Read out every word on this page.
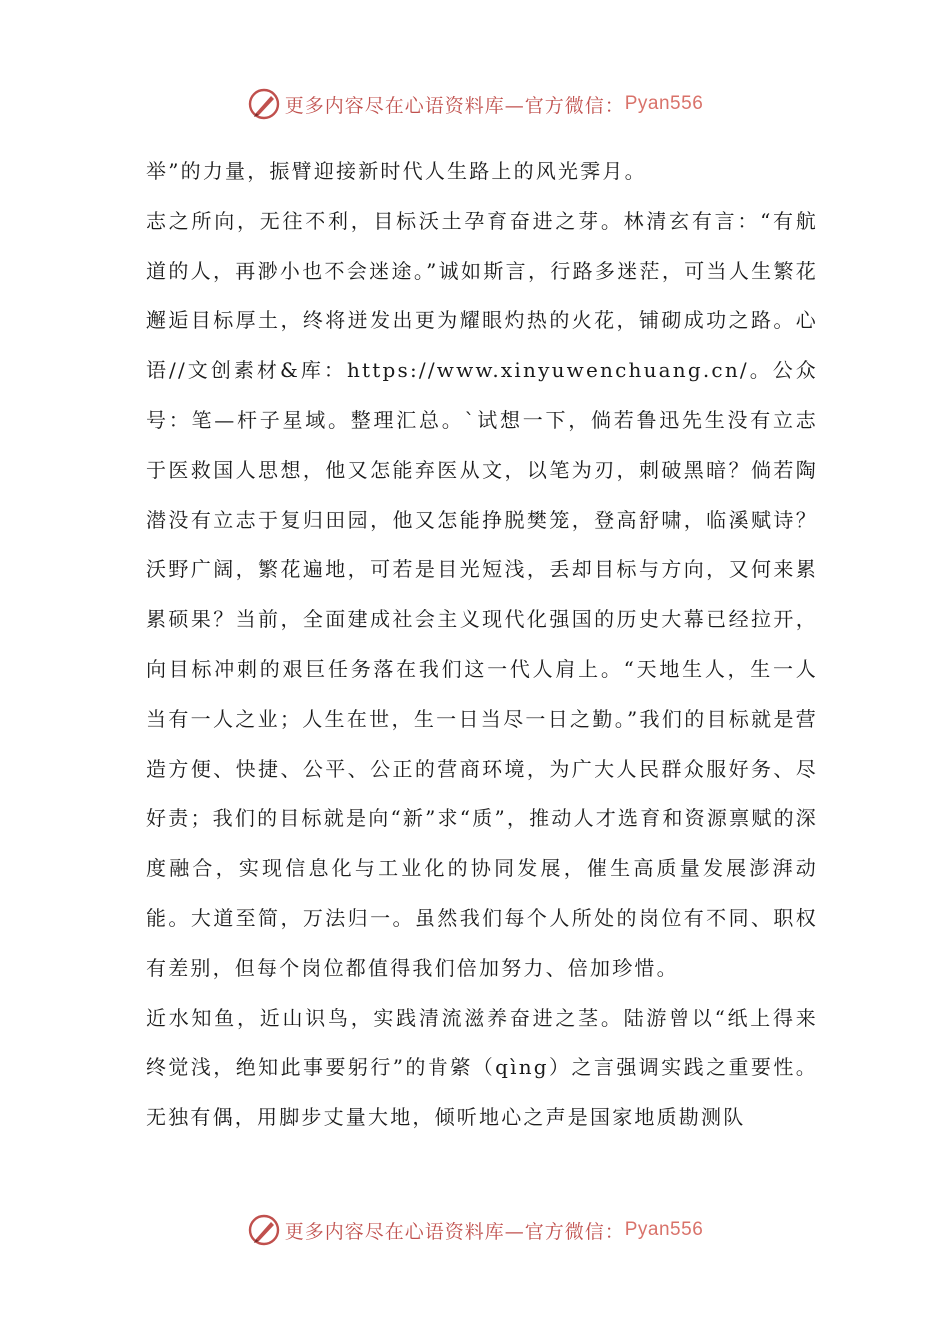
更多内容尽在心语资料库—官方微信： Pyan556

举”的力量，振臂迎接新时代人生路上的风光霁月。

志之所向，无往不利，目标沃土孕育奋进之芽。林清玄有言：“有航道的人，再渺小也不会迷途。”诚如斯言，行路多迷茫，可当人生繁花邂逅目标厚土，终将迸发出更为耀眼灼热的火花，铺砌成功之路。心语//文创素材&库：https://www.xinyuwenchuang.cn/。公众号：笔—杆子星域。整理汇总。`试想一下，倘若鲁迅先生没有立志于医救国人思想，他又怎能弃医从文，以笔为刃，刺破黑暗？倘若陶潜没有立志于复归田园，他又怎能挣脱樊笼，登高舒啸，临溪赋诗？沃野广阔，繁花遍地，可若是目光短浅，丢却目标与方向，又何来累累硕果？当前，全面建成社会主义现代化强国的历史大幕已经拉开，向目标冲刺的艰巨任务落在我们这一代人肩上。“天地生人，生一人当有一人之业；人生在世，生一日当尽一日之勤。”我们的目标就是营造方便、快捷、公平、公正的营商环境，为广大人民群众服好务、尽好责；我们的目标就是向“新”求“质”，推动人才选育和资源禀赋的深度融合，实现信息化与工业化的协同发展，催生高质量发展澎湃动能。大道至简，万法归一。虽然我们每个人所处的岗位有不同、职权有差别，但每个岗位都值得我们倍加努力、倍加珍惜。

近水知鱼，近山识鸟，实践清流滋养奋进之茎。陆游曾以“纸上得来终觉浅，绝知此事要躬行”的肯綮（qìng）之言强调实践之重要性。无独有偶，用脚步丈量大地，倾听地心之声是国家地质勘测队

更多内容尽在心语资料库—官方微信： Pyan556
